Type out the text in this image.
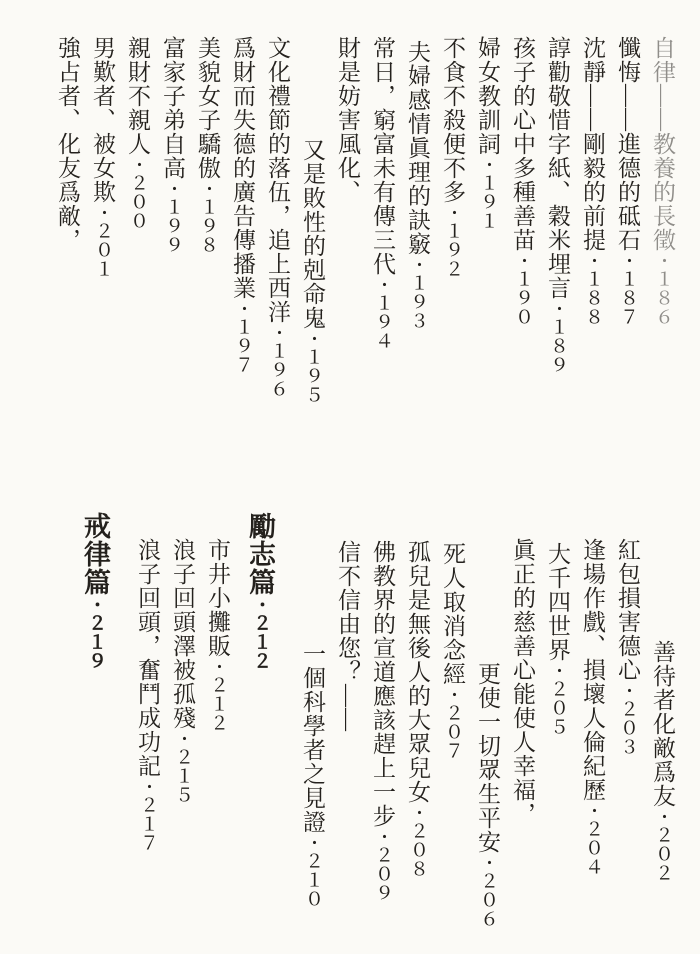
自律——教養的長徵・１８６
懺悔——進德的砥石・１８７
沈靜——剛毅的前提・１８８
諄勸敬惜字紙、穀米埋言・１８９
孩子的心中多種善苗・１９０
婦女教訓詞・１９１
不食不殺便不多・１９２
夫婦感情眞理的訣竅・１９３
常日，窮富未有傳三代・１９４
財是妨害風化、
又是敗性的剋命鬼・１９５
文化禮節的落伍，追上西洋・１９６
爲財而失德的廣告傳播業・１９７
美貌女子驕傲・１９８
富家子弟自高・１９９
親財不親人・２００
男歎者、被女欺・２０１
強占者、化友爲敵，
善待者化敵爲友・２０２
紅包損害德心・２０３
逢場作戲、損壞人倫紀歷・２０４
大千四世界・２０５
眞正的慈善心能使人幸福，
更使一切眾生平安・２０６
死人取消念經・２０７
孤兒是無後人的大眾兒女・２０８
佛教界的宣道應該趕上一步・２０９
信不信由您？——
一個科學者之見證・２１０
勵志篇・２１２
市井小攤販・２１２
浪子回頭澤被孤殘・２１５
浪子回頭，奮鬥成功記・２１７
戒律篇・２１９
